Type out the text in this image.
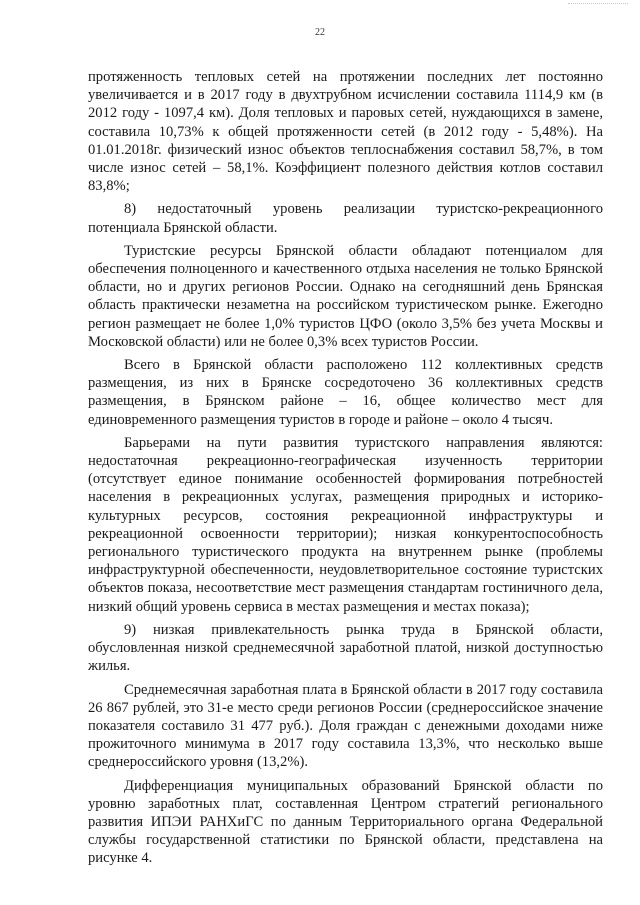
22

протяженность тепловых сетей на протяжении последних лет постоянно увеличивается и в 2017 году в двухтрубном исчислении составила 1114,9 км (в 2012 году - 1097,4 км). Доля тепловых и паровых сетей, нуждающихся в замене, составила 10,73% к общей протяженности сетей (в 2012 году - 5,48%). На 01.01.2018г. физический износ объектов теплоснабжения составил 58,7%, в том числе износ сетей – 58,1%. Коэффициент полезного действия котлов составил 83,8%;

8) недостаточный уровень реализации туристско-рекреационного потенциала Брянской области.

Туристские ресурсы Брянской области обладают потенциалом для обеспечения полноценного и качественного отдыха населения не только Брянской области, но и других регионов России. Однако на сегодняшний день Брянская область практически незаметна на российском туристическом рынке. Ежегодно регион размещает не более 1,0% туристов ЦФО (около 3,5% без учета Москвы и Московской области) или не более 0,3% всех туристов России.

Всего в Брянской области расположено 112 коллективных средств размещения, из них в Брянске сосредоточено 36 коллективных средств размещения, в Брянском районе – 16, общее количество мест для единовременного размещения туристов в городе и районе – около 4 тысяч.

Барьерами на пути развития туристского направления являются: недостаточная рекреационно-географическая изученность территории (отсутствует единое понимание особенностей формирования потребностей населения в рекреационных услугах, размещения природных и историко-культурных ресурсов, состояния рекреационной инфраструктуры и рекреационной освоенности территории); низкая конкурентоспособность регионального туристического продукта на внутреннем рынке (проблемы инфраструктурной обеспеченности, неудовлетворительное состояние туристских объектов показа, несоответствие мест размещения стандартам гостиничного дела, низкий общий уровень сервиса в местах размещения и местах показа);

9) низкая привлекательность рынка труда в Брянской области, обусловленная низкой среднемесячной заработной платой, низкой доступностью жилья.

Среднемесячная заработная плата в Брянской области в 2017 году составила 26 867 рублей, это 31-е место среди регионов России (среднероссийское значение показателя составило 31 477 руб.). Доля граждан с денежными доходами ниже прожиточного минимума в 2017 году составила 13,3%, что несколько выше среднероссийского уровня (13,2%).

Дифференциация муниципальных образований Брянской области по уровню заработных плат, составленная Центром стратегий регионального развития ИПЭИ РАНХиГС по данным Территориального органа Федеральной службы государственной статистики по Брянской области, представлена на рисунке 4.
